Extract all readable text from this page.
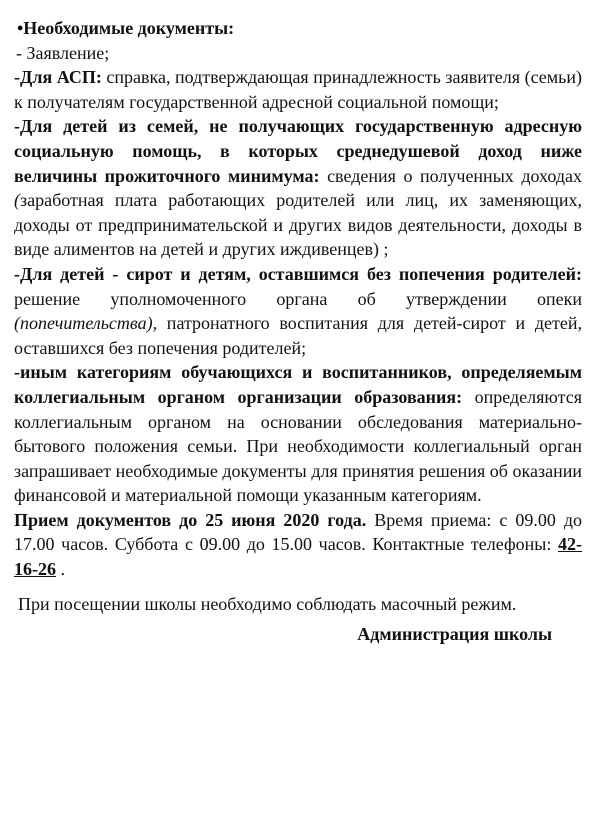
•Необходимые документы:

- Заявление;

-Для АСП: справка, подтверждающая принадлежность заявителя (семьи) к получателям государственной адресной социальной помощи;

-Для детей из семей, не получающих государственную адресную социальную помощь, в которых среднедушевой доход ниже величины прожиточного минимума: сведения о полученных доходах (заработная плата работающих родителей или лиц, их заменяющих, доходы от предпринимательской и других видов деятельности, доходы в виде алиментов на детей и других иждивенцев) ;

-Для детей - сирот и детям, оставшимся без попечения родителей: решение уполномоченного органа об утверждении опеки (попечительства), патронатного воспитания для детей-сирот и детей, оставшихся без попечения родителей;

-иным категориям обучающихся и воспитанников, определяемым коллегиальным органом организации образования: определяются коллегиальным органом на основании обследования материально-бытового положения семьи. При необходимости коллегиальный орган запрашивает необходимые документы для принятия решения об оказании финансовой и материальной помощи указанным категориям.

Прием документов до 25 июня 2020 года. Время приема: с 09.00 до 17.00 часов. Суббота с 09.00 до 15.00 часов. Контактные телефоны: 42-16-26 .

При посещении школы необходимо соблюдать масочный режим.

Администрация школы
